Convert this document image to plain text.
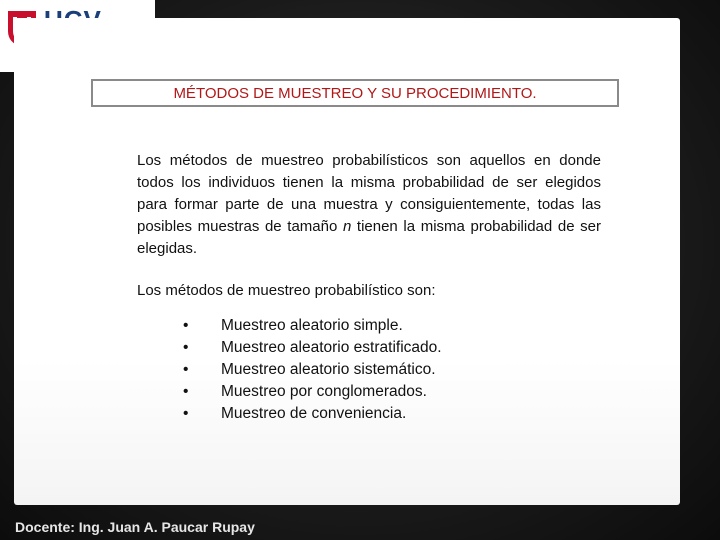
MÉTODOS DE MUESTREO Y SU PROCEDIMIENTO.

Los métodos de muestreo probabilísticos son aquellos en donde todos los individuos tienen la misma probabilidad de ser elegidos para formar parte de una muestra y consiguientemente, todas las posibles muestras de tamaño n tienen la misma probabilidad de ser elegidas.

Los métodos de muestreo probabilístico son:

• Muestreo aleatorio simple.
• Muestreo aleatorio estratificado.
• Muestreo aleatorio sistemático.
• Muestreo por conglomerados.
• Muestreo de conveniencia.
Docente: Ing. Juan A. Paucar Rupay
